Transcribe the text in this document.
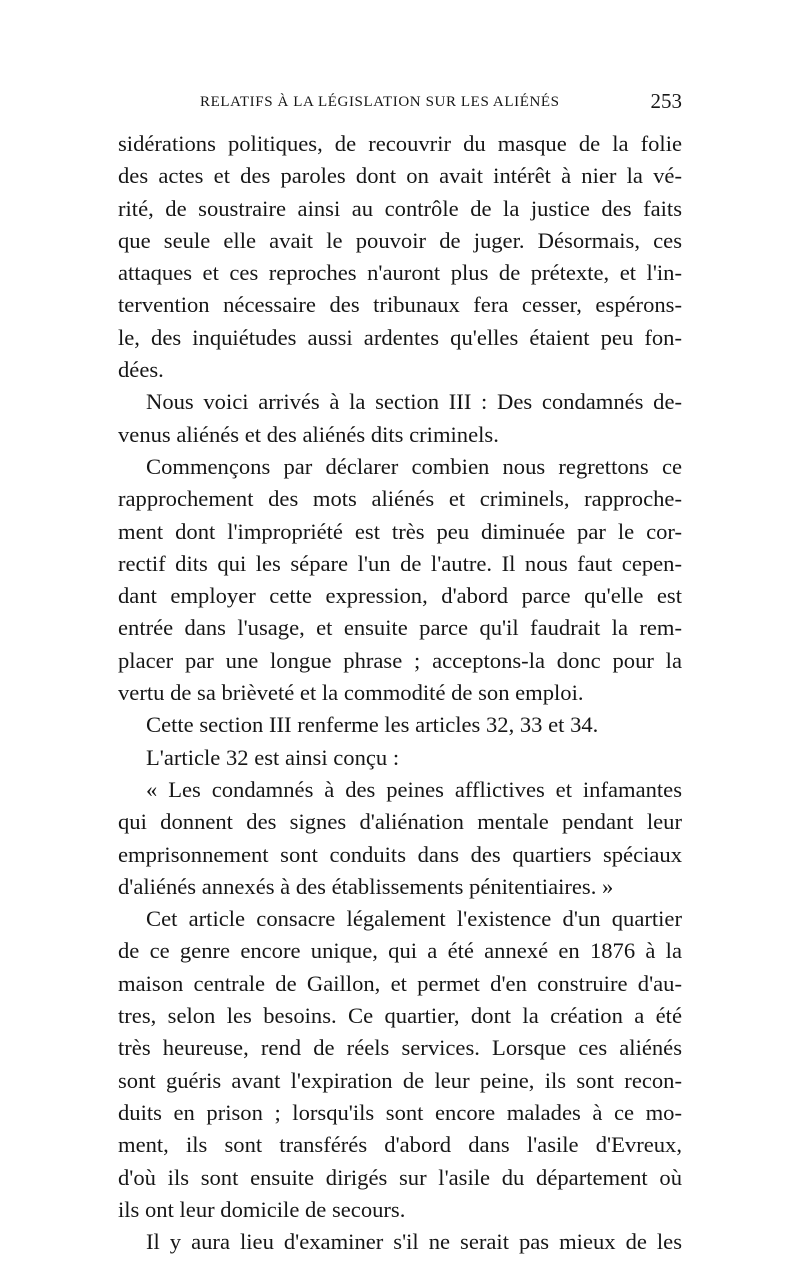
RELATIFS À LA LÉGISLATION SUR LES ALIÉNÉS	253
sidérations politiques, de recouvrir du masque de la folie
des actes et des paroles dont on avait intérêt à nier la vé-
rité, de soustraire ainsi au contrôle de la justice des faits
que seule elle avait le pouvoir de juger. Désormais, ces
attaques et ces reproches n'auront plus de prétexte, et l'in-
tervention nécessaire des tribunaux fera cesser, espérons-
le, des inquiétudes aussi ardentes qu'elles étaient peu fon-
dées.
Nous voici arrivés à la section III : Des condamnés de-
venus aliénés et des aliénés dits criminels.
Commençons par déclarer combien nous regrettons ce
rapprochement des mots aliénés et criminels, rapproche-
ment dont l'impropriété est très peu diminuée par le cor-
rectif dits qui les sépare l'un de l'autre. Il nous faut cepen-
dant employer cette expression, d'abord parce qu'elle est
entrée dans l'usage, et ensuite parce qu'il faudrait la rem-
placer par une longue phrase ; acceptons-la donc pour la
vertu de sa brièveté et la commodité de son emploi.
Cette section III renferme les articles 32, 33 et 34.
L'article 32 est ainsi conçu :
« Les condamnés à des peines afflictives et infamantes
qui donnent des signes d'aliénation mentale pendant leur
emprisonnement sont conduits dans des quartiers spéciaux
d'aliénés annexés à des établissements pénitentiaires. »
Cet article consacre légalement l'existence d'un quartier
de ce genre encore unique, qui a été annexé en 1876 à la
maison centrale de Gaillon, et permet d'en construire d'au-
tres, selon les besoins. Ce quartier, dont la création a été
très heureuse, rend de réels services. Lorsque ces aliénés
sont guéris avant l'expiration de leur peine, ils sont recon-
duits en prison ; lorsqu'ils sont encore malades à ce mo-
ment, ils sont transférés d'abord dans l'asile d'Evreux,
d'où ils sont ensuite dirigés sur l'asile du département où
ils ont leur domicile de secours.
Il y aura lieu d'examiner s'il ne serait pas mieux de les
